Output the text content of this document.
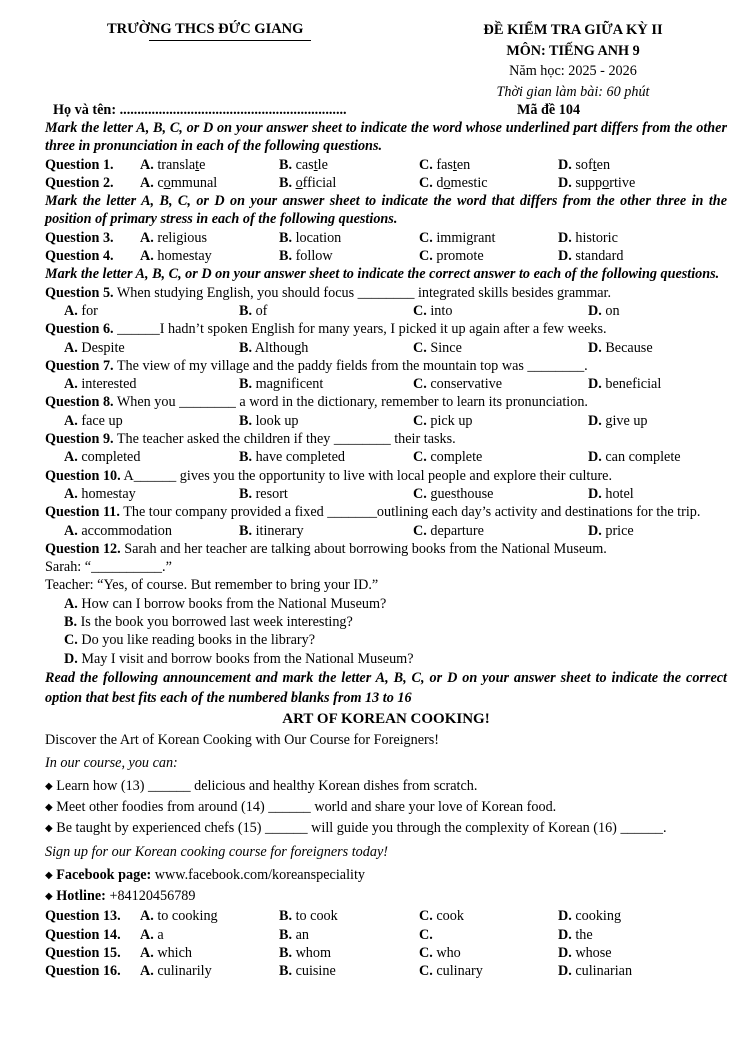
TRƯỜNG THCS ĐỨC GIANG	ĐỀ KIỂM TRA GIỮA KỲ II
MÔN: TIẾNG ANH 9
Năm học: 2025 - 2026
Thời gian làm bài: 60 phút
Họ và tên: ................................................................	Mã đề 104
Mark the letter A, B, C, or D on your answer sheet to indicate the word whose underlined part differs from the other three in pronunciation in each of the following questions.
Question 1. A. translate	B. castle	C. fasten	D. soften
Question 2. A. communal	B. official	C. domestic	D. supportive
Mark the letter A, B, C, or D on your answer sheet to indicate the word that differs from the other three in the position of primary stress in each of the following questions.
Question 3. A. religious	B. location	C. immigrant	D. historic
Question 4. A. homestay	B. follow	C. promote	D. standard
Mark the letter A, B, C, or D on your answer sheet to indicate the correct answer to each of the following questions.
Question 5. When studying English, you should focus ________ integrated skills besides grammar.
A. for	B. of	C. into	D. on
Question 6. ______I hadn’t spoken English for many years, I picked it up again after a few weeks.
A. Despite	B. Although	C. Since	D. Because
Question 7. The view of my village and the paddy fields from the mountain top was ________.
A. interested	B. magnificent	C. conservative	D. beneficial
Question 8. When you ________ a word in the dictionary, remember to learn its pronunciation.
A. face up	B. look up	C. pick up	D. give up
Question 9. The teacher asked the children if they ________ their tasks.
A. completed	B. have completed	C. complete	D. can complete
Question 10. A______ gives you the opportunity to live with local people and explore their culture.
A. homestay	B. resort	C. guesthouse	D. hotel
Question 11. The tour company provided a fixed _______outlining each day’s activity and destinations for the trip.
A. accommodation	B. itinerary	C. departure	D. price
Question 12. Sarah and her teacher are talking about borrowing books from the National Museum.
Sarah: “__________.”
Teacher: “Yes, of course. But remember to bring your ID.”
A. How can I borrow books from the National Museum?
B. Is the book you borrowed last week interesting?
C. Do you like reading books in the library?
D. May I visit and borrow books from the National Museum?
Read the following announcement and mark the letter A, B, C, or D on your answer sheet to indicate the correct option that best fits each of the numbered blanks from 13 to 16
ART OF KOREAN COOKING!
Discover the Art of Korean Cooking with Our Course for Foreigners!
In our course, you can:
◆ Learn how (13) ______ delicious and healthy Korean dishes from scratch.
◆ Meet other foodies from around (14) ______ world and share your love of Korean food.
◆ Be taught by experienced chefs (15) ______ will guide you through the complexity of Korean (16) ______.
Sign up for our Korean cooking course for foreigners today!
◆ Facebook page: www.facebook.com/koreanspeciality
◆ Hotline: +84120456789
Question 13. A. to cooking	B. to cook	C. cook	D. cooking
Question 14. A. a	B. an	C.	D. the
Question 15. A. which	B. whom	C. who	D. whose
Question 16. A. culinarily	B. cuisine	C. culinary	D. culinarian
